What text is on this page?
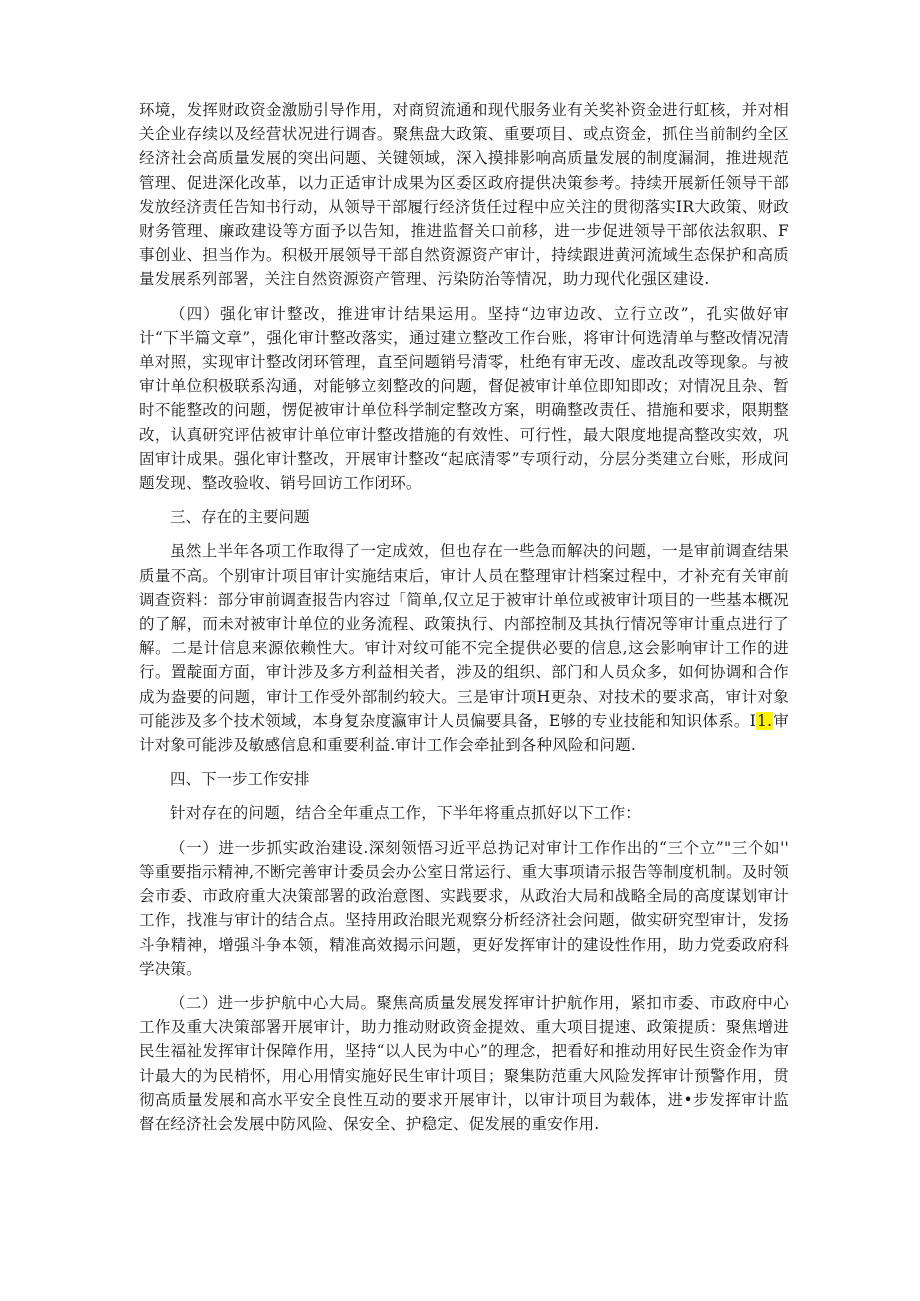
环境，发挥财政资金激励引导作用，对商贸流通和现代服务业有关奖补资金进行虹核，并对相关企业存续以及经营状况进行调杳。聚焦盘大政策、重要项目、或点资金，抓住当前制约全区经济社会高质量发展的突出问题、关键领域，深入摸排影响高质量发展的制度漏洞，推进规范管理、促进深化改革，以力正适审计成果为区委区政府提供决策参考。持续开展新任领导干部发放经济责任告知书行动，从领导干部履行经济货任过程中应关注的贯彻落实IR大政策、财政财务管理、廉政建设等方面予以告知，推进监督关口前移，进一步促进领导干部依法叙职、F事创业、担当作为。积极开展领导干部自然资源资产审计，持续跟进黄河流域生态保护和高质量发展系列部署，关注自然资源资产管理、污染防治等情况，助力现代化强区建设.

（四）强化审计整改，推进审计结果运用。坚持“边审边改、立行立改”，孔实做好审计“下半篇文章”，强化审计整改落实，通过建立整改工作台账，将审计何选清单与整改情况清单对照，实现审计整改闭环管理，直至问题销号清零，杜绝有审无改、虚改乱改等现象。与被审计单位积极联系沟通，对能够立刻整改的问题，督促被审计单位即知即改；对情况且杂、暂时不能整改的问题，愣促被审计单位科学制定整改方案，明确整改责任、措施和要求，限期整改，认真研究评估被审计单位审计整改措施的有效性、可行性，最大限度地提高整改实效，巩固审计成果。强化审计整改，开展审计整改“起底清零”专项行动，分层分类建立台账，形成问题发现、整改验收、销号回访工作闭环。

三、存在的主要问题

虽然上半年各项工作取得了一定成效，但也存在一些急而解决的问题，一是审前调查结果质量不高。个别审计项目审计实施结束后，审计人员在整理审计档案过程中，才补充有关审前调查资料：部分审前调查报告内容过「简单,仅立足于被审计单位或被审计项目的一些基本概况的了解，而未对被审计单位的业务流程、政策执行、内部控制及其执行情况等审计重点进行了解。二是计信息来源依赖性大。审计对纹可能不完全提供必要的信息,这会影响审计工作的进行。置靛面方面，审计涉及多方利益相关者，涉及的组织、部门和人员众多，如何协调和合作成为盎要的问题，审计工作受外部制约较大。三是审计项H更杂、对技术的要求高，审计对象可能涉及多个技术领域，本身复杂度瀛审计人员偏要具备，E够的专业技能和知识体系。I1.审计对象可能涉及敏感信息和重要利益.审计工作会牵扯到各种风险和问题.

四、下一步工作安排

针对存在的问题，结合全年重点工作，下半年将重点抓好以下工作：

（一）进一步抓实政治建设.深刻领悟习近平总㧑记对审计工作作出的“三个立”"三个如'' 等重要指示精神,不断完善审计委员会办公室日常运行、重大事项请示报告等制度机制。及时领会市委、市政府重大决策部署的政治意图、实践要求，从政治大局和战略全局的高度谋划审计工作，找准与审计的结合点。坚持用政治眼光观察分析经济社会问题，做实研究型审计，发扬斗争精神，增强斗争本领，精准高效揭示问题，更好发挥审计的建设性作用，助力党委政府科学决策。

（二）进一步护航中心大局。聚焦高质量发展发挥审计护航作用，紧扣市委、市政府中心工作及重大决策部署开展审计，助力推动财政资金提效、重大项目提速、政策提质：聚焦增进民生福祉发挥审计保障作用，坚持“以人民为中心”的理念，把看好和推动用好民生资金作为审计最大的为民梢怀，用心用情实施好民生审计项目；聚集防范重大风险发挥审计预警作用，贯彻高质量发展和高水平安全良性互动的要求开展审计，以审计项目为载体，进•步发挥审计监督在经济社会发展中防风险、保安全、护稳定、促发展的重安作用.
